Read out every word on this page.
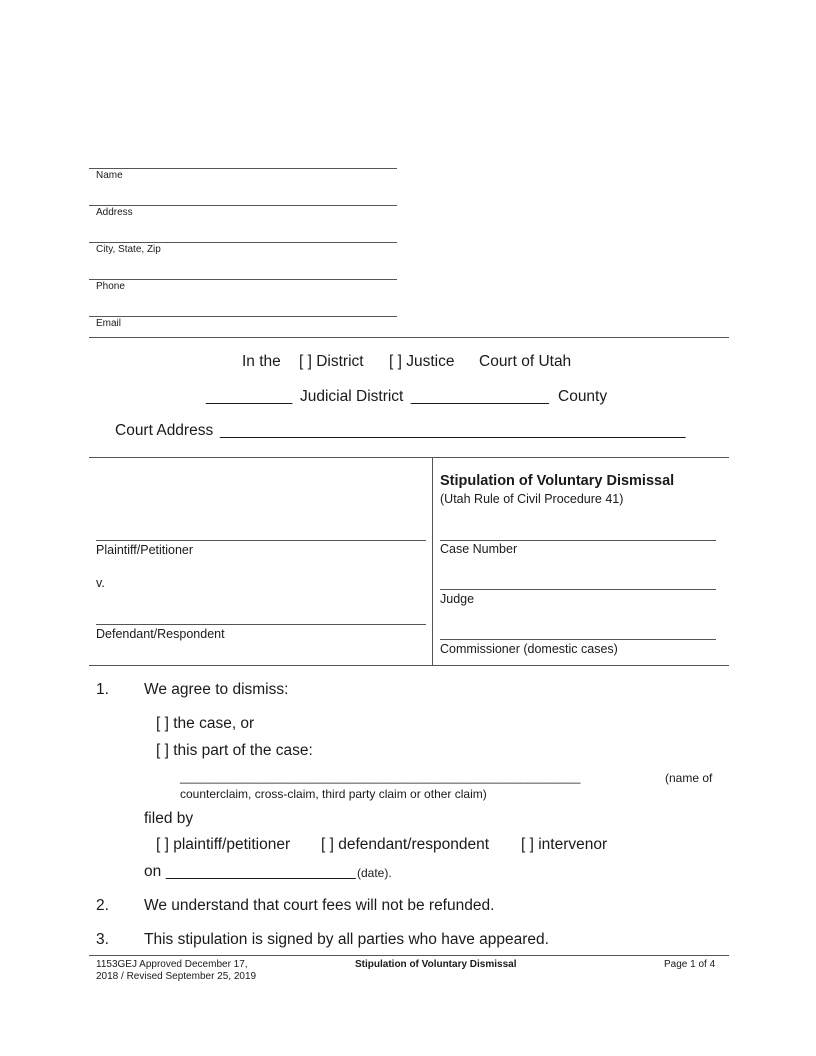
Name
Address
City, State, Zip
Phone
Email
In the [ ] District [ ] Justice Court of Utah
__________ Judicial District ________________ County
Court Address ______________________________________________________
Plaintiff/Petitioner
v.
Defendant/Respondent
Stipulation of Voluntary Dismissal
(Utah Rule of Civil Procedure 41)
Case Number
Judge
Commissioner (domestic cases)
1. We agree to dismiss:
[ ] the case, or
[ ] this part of the case:
____________________________________________________________	(name of
counterclaim, cross-claim, third party claim or other claim)
filed by
[ ] plaintiff/petitioner [ ] defendant/respondent [ ] intervenor
on ______________________ (date).
2. We understand that court fees will not be refunded.
3. This stipulation is signed by all parties who have appeared.
1153GEJ Approved December 17,
2018 / Revised September 25, 2019
Stipulation of Voluntary Dismissal	Page 1 of 4
